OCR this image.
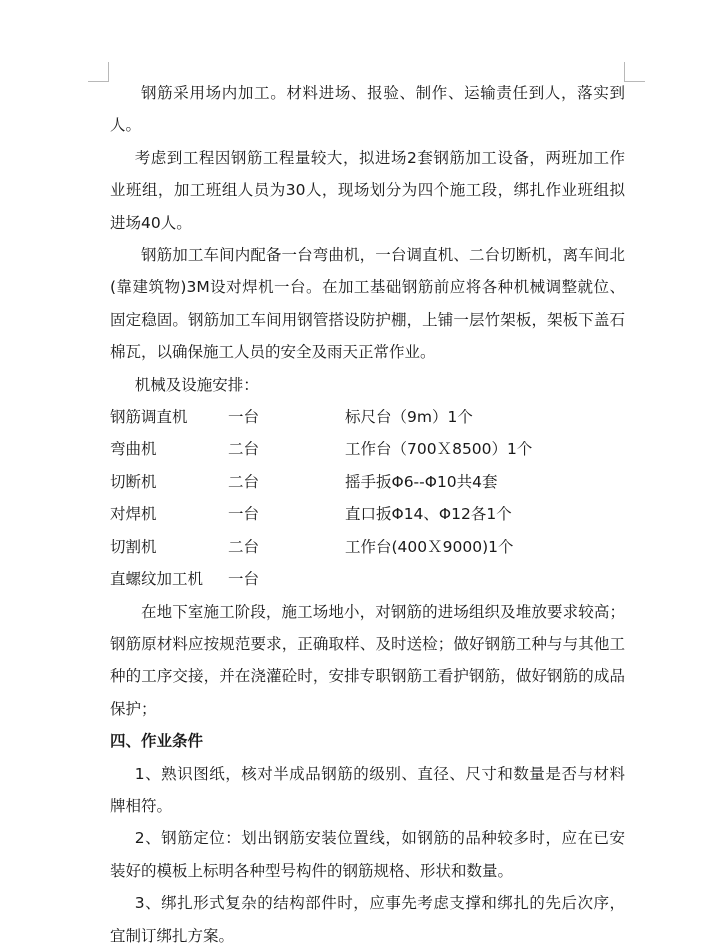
钢筋采用场内加工。材料进场、报验、制作、运输责任到人，落实到人。

考虑到工程因钢筋工程量较大，拟进场2套钢筋加工设备，两班加工作业班组，加工班组人员为30人，现场划分为四个施工段，绑扎作业班组拟进场40人。

钢筋加工车间内配备一台弯曲机，一台调直机、二台切断机，离车间北(靠建筑物)3M设对焊机一台。在加工基础钢筋前应将各种机械调整就位、固定稳固。钢筋加工车间用钢管搭设防护棚，上铺一层竹架板，架板下盖石棉瓦，以确保施工人员的安全及雨天正常作业。

机械及设施安排：

钢筋调直机	一台	标尺台（9m）1个
弯曲机	二台	工作台（700Ｘ8500）1个
切断机	二台	摇手扳Φ6--Φ10共4套
对焊机	一台	直口扳Φ14、Φ12各1个
切割机	二台	工作台(400Ｘ9000)1个
直螺纹加工机	一台	

在地下室施工阶段，施工场地小，对钢筋的进场组织及堆放要求较高；钢筋原材料应按规范要求，正确取样、及时送检；做好钢筋工种与与其他工种的工序交接，并在浇灌砼时，安排专职钢筋工看护钢筋，做好钢筋的成品保护；

四、作业条件

1、熟识图纸，核对半成品钢筋的级别、直径、尺寸和数量是否与材料牌相符。

2、钢筋定位：划出钢筋安装位置线，如钢筋的品种较多时，应在已安装好的模板上标明各种型号构件的钢筋规格、形状和数量。

3、绑扎形式复杂的结构部件时，应事先考虑支撑和绑扎的先后次序，宜制订绑扎方案。
